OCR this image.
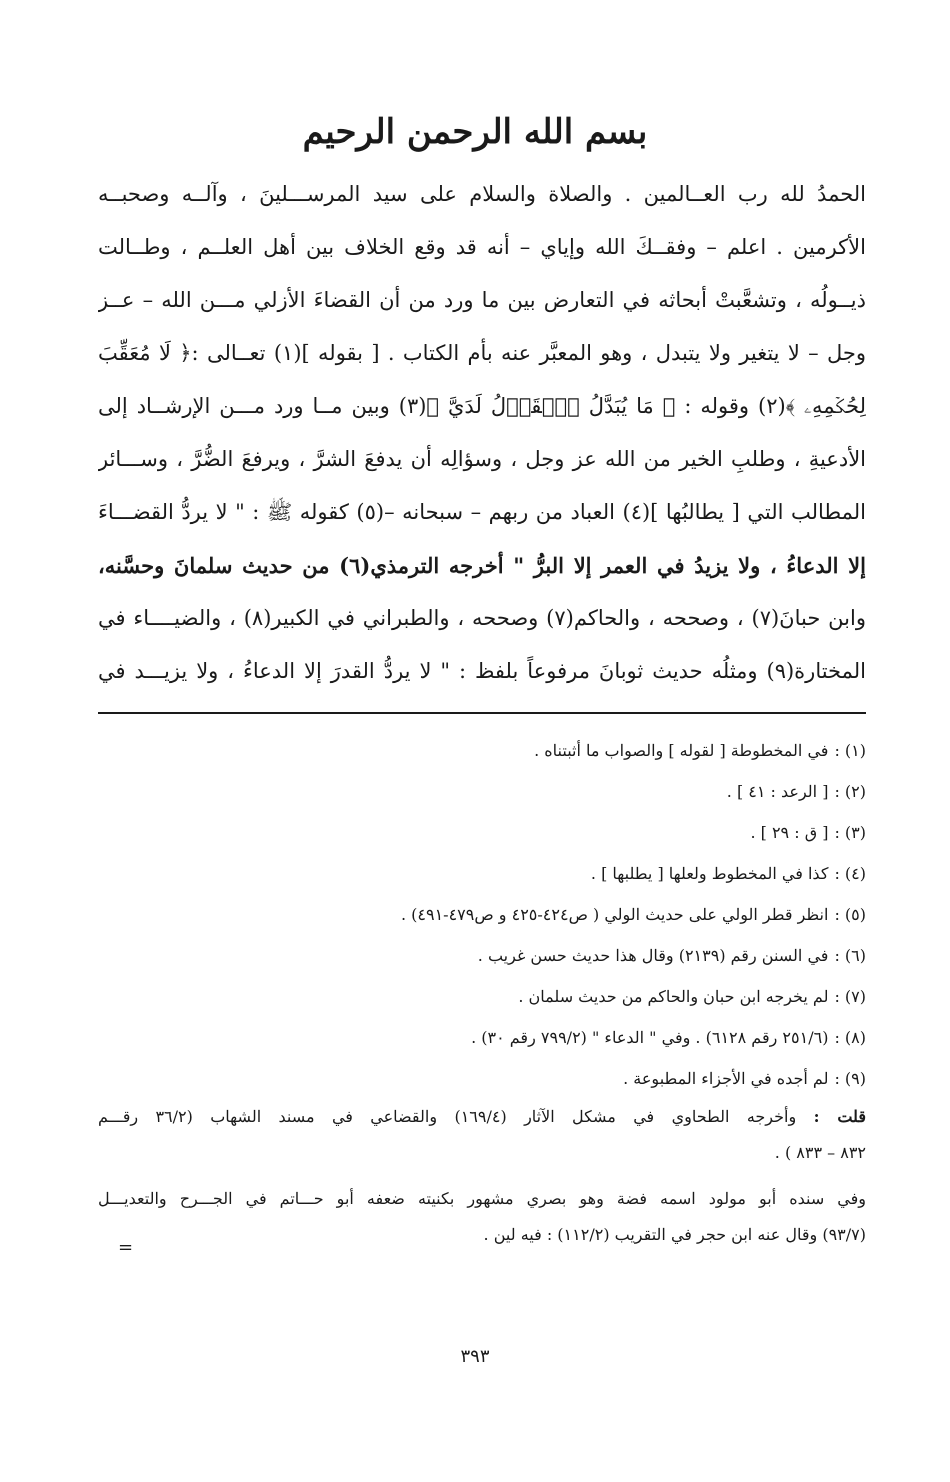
بسم الله الرحمن الرحيم
الحمدُ لله رب العــالمين . والصلاة والسلام على سيد المرســـلينَ ، وآلــه وصحبــه
الأكرمين . اعلم – وفقــكَ الله وإياي – أنه قد وقع الخلاف بين أهل العلــم ، وطــالت
ذيــولُه ، وتشعَّبتْ أبحاثه في التعارض بين ما ورد من أن القضاءَ الأزلي مـــن الله – عــز
وجل – لا يتغير ولا يتبدل ، وهو المعبَّر عنه بأم الكتاب . [ بقوله ](١) تعــالى :﴿ لَا مُعَقِّبَ
لِحُكۡمِهِۦ ﴾(٢) وقوله : ﴿ مَا يُبَدَّلُ ٱلۡقَوۡلُ لَدَيَّ ﴾(٣) وبين مــا ورد مـــن الإرشــاد إلى
الأدعيةِ ، وطلبِ الخير من الله عز وجل ، وسؤالِه أن يدفعَ الشرَّ ، ويرفعَ الضُّرَّ ، وســـائر
المطالب التي [ يطالبُها ](٤) العباد من ربهم – سبحانه –(٥) كقوله ﷺ : " لا يردُّ القضـــاءَ
إلا الدعاءُ ، ولا يزيدُ في العمر إلا البرُّ " أخرجه الترمذي(٦) من حديث سلمانَ وحسَّنه،
وابن حبانَ(٧) ، وصححه ، والحاكم(٧) وصححه ، والطبراني في الكبير(٨) ، والضيــــاء في
المختارة(٩) ومثلُه حديث ثوبانَ مرفوعاً بلفظ : " لا يردُّ القدرَ إلا الدعاءُ ، ولا يزيـــد في
(١) :في المخطوطة [ لقوله ] والصواب ما أثبتناه .
(٢) :[ الرعد : ٤١ ] .
(٣) :[ ق : ٢٩ ] .
(٤) :كذا في المخطوط ولعلها [ يطلبها ] .
(٥) :انظر قطر الولي على حديث الولي ( ص٤٢٤-٤٢٥ و ص٤٧٩-٤٩١) .
(٦) :في السنن رقم (٢١٣٩) وقال هذا حديث حسن غريب .
(٧) :لم يخرجه ابن حبان والحاكم من حديث سلمان .
(٨) :(٢٥١/٦ رقم ٦١٢٨) . وفي " الدعاء " (٧٩٩/٢ رقم ٣٠) .
(٩) :لم أجده في الأجزاء المطبوعة .
قلت : وأخرجه الطحاوي في مشكل الآثار (١٦٩/٤) والقضاعي في مسند الشهاب (٣٦/٢ رقـــم
٨٣٢ – ٨٣٣ ) .
وفي سنده أبو مولود اسمه فضة وهو بصري مشهور بكنيته ضعفه أبو حـــاتم في الجـــرح والتعديـــل
(٩٣/٧) وقال عنه ابن حجر في التقريب (١١٢/٢) : فيه لين .
=
٣٩٣
